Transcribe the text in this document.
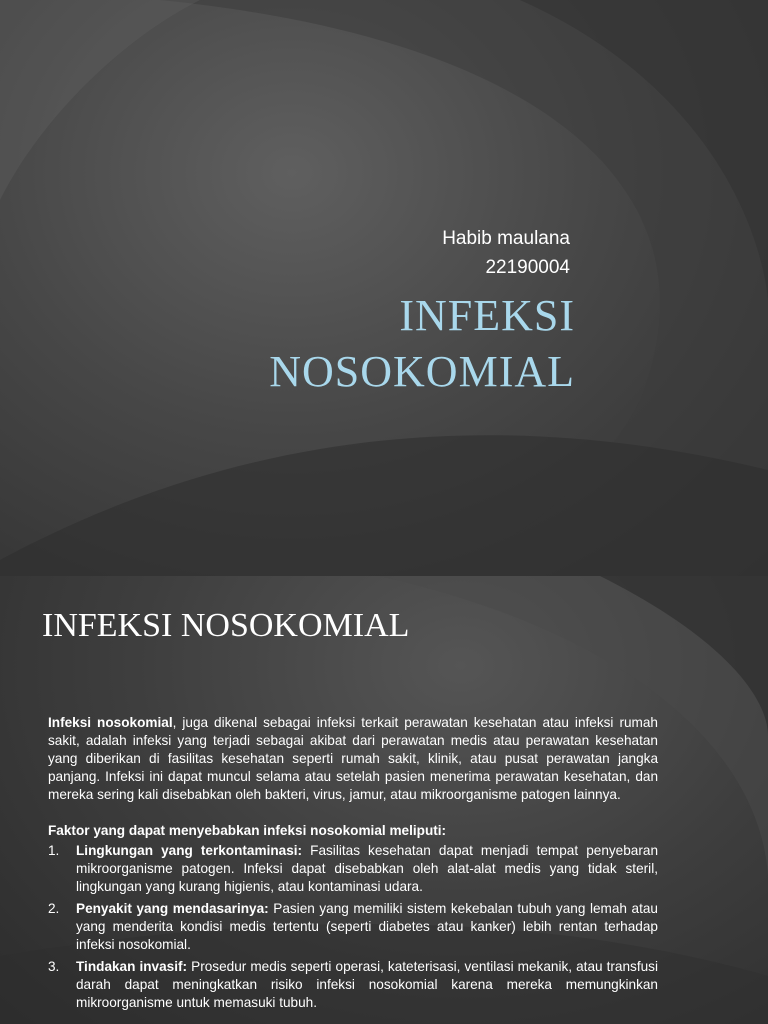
Habib maulana
22190004
INFEKSI
NOSOKOMIAL
INFEKSI NOSOKOMIAL
Infeksi nosokomial, juga dikenal sebagai infeksi terkait perawatan kesehatan atau infeksi rumah sakit, adalah infeksi yang terjadi sebagai akibat dari perawatan medis atau perawatan kesehatan yang diberikan di fasilitas kesehatan seperti rumah sakit, klinik, atau pusat perawatan jangka panjang. Infeksi ini dapat muncul selama atau setelah pasien menerima perawatan kesehatan, dan mereka sering kali disebabkan oleh bakteri, virus, jamur, atau mikroorganisme patogen lainnya.
Faktor yang dapat menyebabkan infeksi nosokomial meliputi:
1.	Lingkungan yang terkontaminasi: Fasilitas kesehatan dapat menjadi tempat penyebaran mikroorganisme patogen. Infeksi dapat disebabkan oleh alat-alat medis yang tidak steril, lingkungan yang kurang higienis, atau kontaminasi udara.
2.	Penyakit yang mendasarinya: Pasien yang memiliki sistem kekebalan tubuh yang lemah atau yang menderita kondisi medis tertentu (seperti diabetes atau kanker) lebih rentan terhadap infeksi nosokomial.
3.	Tindakan invasif: Prosedur medis seperti operasi, kateterisasi, ventilasi mekanik, atau transfusi darah dapat meningkatkan risiko infeksi nosokomial karena mereka memungkinkan mikroorganisme untuk memasuki tubuh.
